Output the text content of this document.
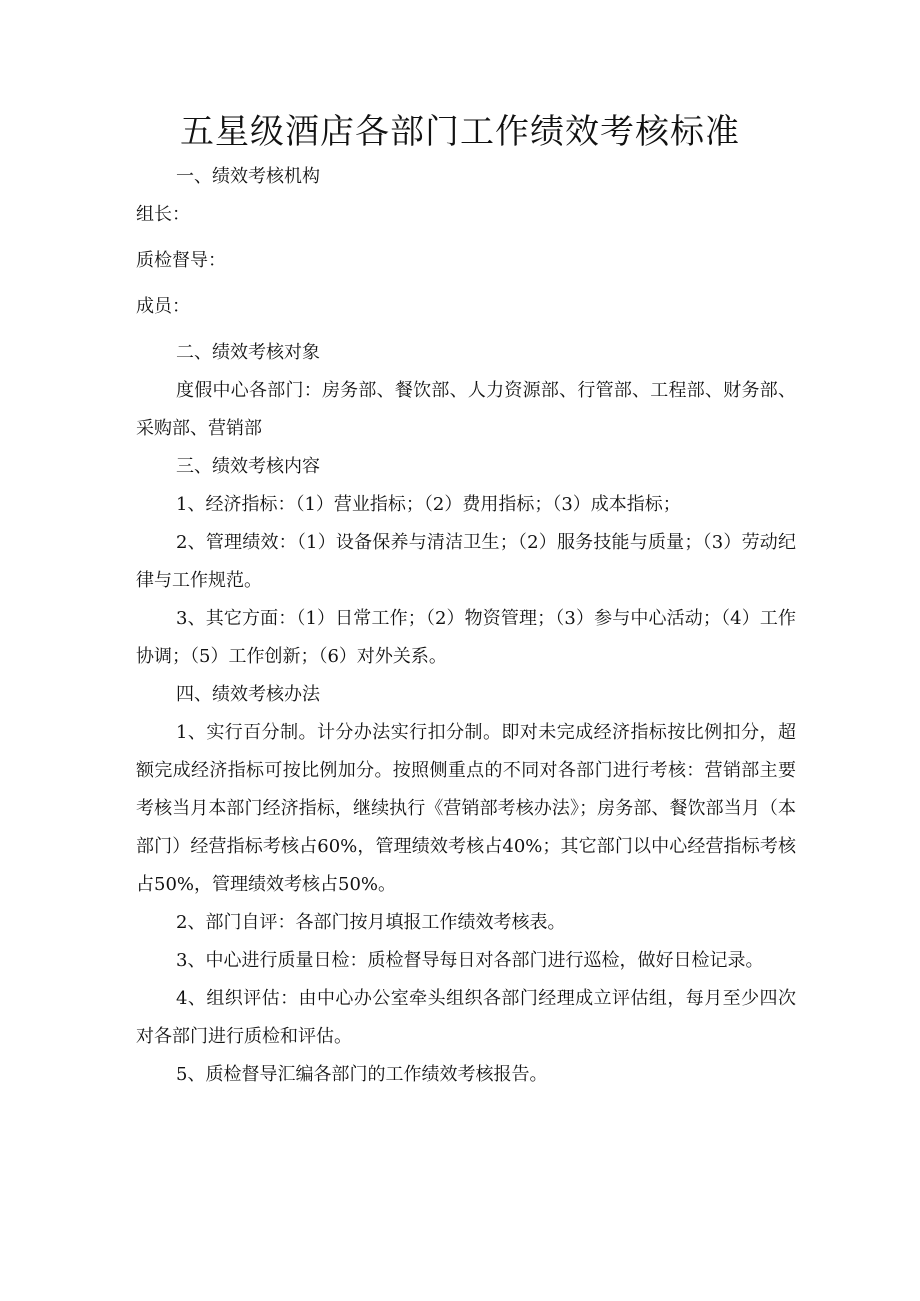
五星级酒店各部门工作绩效考核标准

一、绩效考核机构

组长：

质检督导：

成员：

二、绩效考核对象

度假中心各部门：房务部、餐饮部、人力资源部、行管部、工程部、财务部、采购部、营销部

三、绩效考核内容

1、经济指标：（1）营业指标；（2）费用指标；（3）成本指标；

2、管理绩效：（1）设备保养与清洁卫生；（2）服务技能与质量；（3）劳动纪律与工作规范。

3、其它方面：（1）日常工作；（2）物资管理；（3）参与中心活动；（4）工作协调；（5）工作创新；（6）对外关系。

四、绩效考核办法

1、实行百分制。计分办法实行扣分制。即对未完成经济指标按比例扣分，超额完成经济指标可按比例加分。按照侧重点的不同对各部门进行考核：营销部主要考核当月本部门经济指标，继续执行《营销部考核办法》；房务部、餐饮部当月（本部门）经营指标考核占60%，管理绩效考核占40%；其它部门以中心经营指标考核占50%，管理绩效考核占50%。

2、部门自评：各部门按月填报工作绩效考核表。

3、中心进行质量日检：质检督导每日对各部门进行巡检，做好日检记录。

4、组织评估：由中心办公室牵头组织各部门经理成立评估组，每月至少四次对各部门进行质检和评估。

5、质检督导汇编各部门的工作绩效考核报告。
